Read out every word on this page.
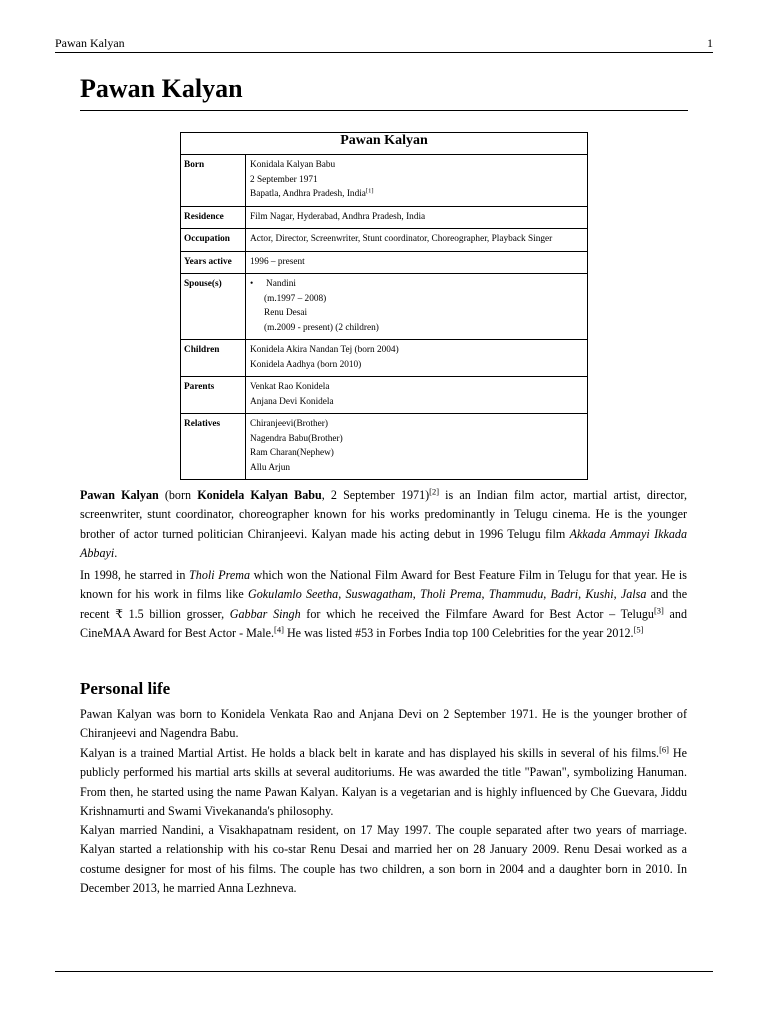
Pawan Kalyan	1
Pawan Kalyan
Pawan Kalyan	
Born	Konidala Kalyan Babu
2 September 1971
Bapatla, Andhra Pradesh, India[1]

Residence	Film Nagar, Hyderabad, Andhra Pradesh, India
Occupation	Actor, Director, Screenwriter, Stunt coordinator, Choreographer, Playback Singer
Years active	1996 – present
Spouse(s)	• Nandini
(m.1997 – 2008)
Renu Desai
(m.2009 - present) (2 children)

Children	Konidela Akira Nandan Tej (born 2004)
Konidela Aadhya (born 2010)

Parents	Venkat Rao Konidela
Anjana Devi Konidela

Relatives	Chiranjeevi(Brother)
Nagendra Babu(Brother)
Ram Charan(Nephew)
Allu Arjun

Pawan Kalyan (born Konidela Kalyan Babu, 2 September 1971)[2] is an Indian film actor, martial artist, director, screenwriter, stunt coordinator, choreographer known for his works predominantly in Telugu cinema. He is the younger brother of actor turned politician Chiranjeevi. Kalyan made his acting debut in 1996 Telugu film Akkada Ammayi Ikkada Abbayi.

In 1998, he starred in Tholi Prema which won the National Film Award for Best Feature Film in Telugu for that year. He is known for his work in films like Gokulamlo Seetha, Suswagatham, Tholi Prema, Thammudu, Badri, Kushi, Jalsa and the recent ₹ 1.5 billion grosser, Gabbar Singh for which he received the Filmfare Award for Best Actor – Telugu[3] and CineMAA Award for Best Actor - Male.[4] He was listed #53 in Forbes India top 100 Celebrities for the year 2012.[5]

Personal life

Pawan Kalyan was born to Konidela Venkata Rao and Anjana Devi on 2 September 1971. He is the younger brother of Chiranjeevi and Nagendra Babu.

Kalyan is a trained Martial Artist. He holds a black belt in karate and has displayed his skills in several of his films.[6] He publicly performed his martial arts skills at several auditoriums. He was awarded the title "Pawan", symbolizing Hanuman. From then, he started using the name Pawan Kalyan. Kalyan is a vegetarian and is highly influenced by Che Guevara, Jiddu Krishnamurti and Swami Vivekananda's philosophy.

Kalyan married Nandini, a Visakhapatnam resident, on 17 May 1997. The couple separated after two years of marriage. Kalyan started a relationship with his co-star Renu Desai and married her on 28 January 2009. Renu Desai worked as a costume designer for most of his films. The couple has two children, a son born in 2004 and a daughter born in 2010. In December 2013, he married Anna Lezhneva.
